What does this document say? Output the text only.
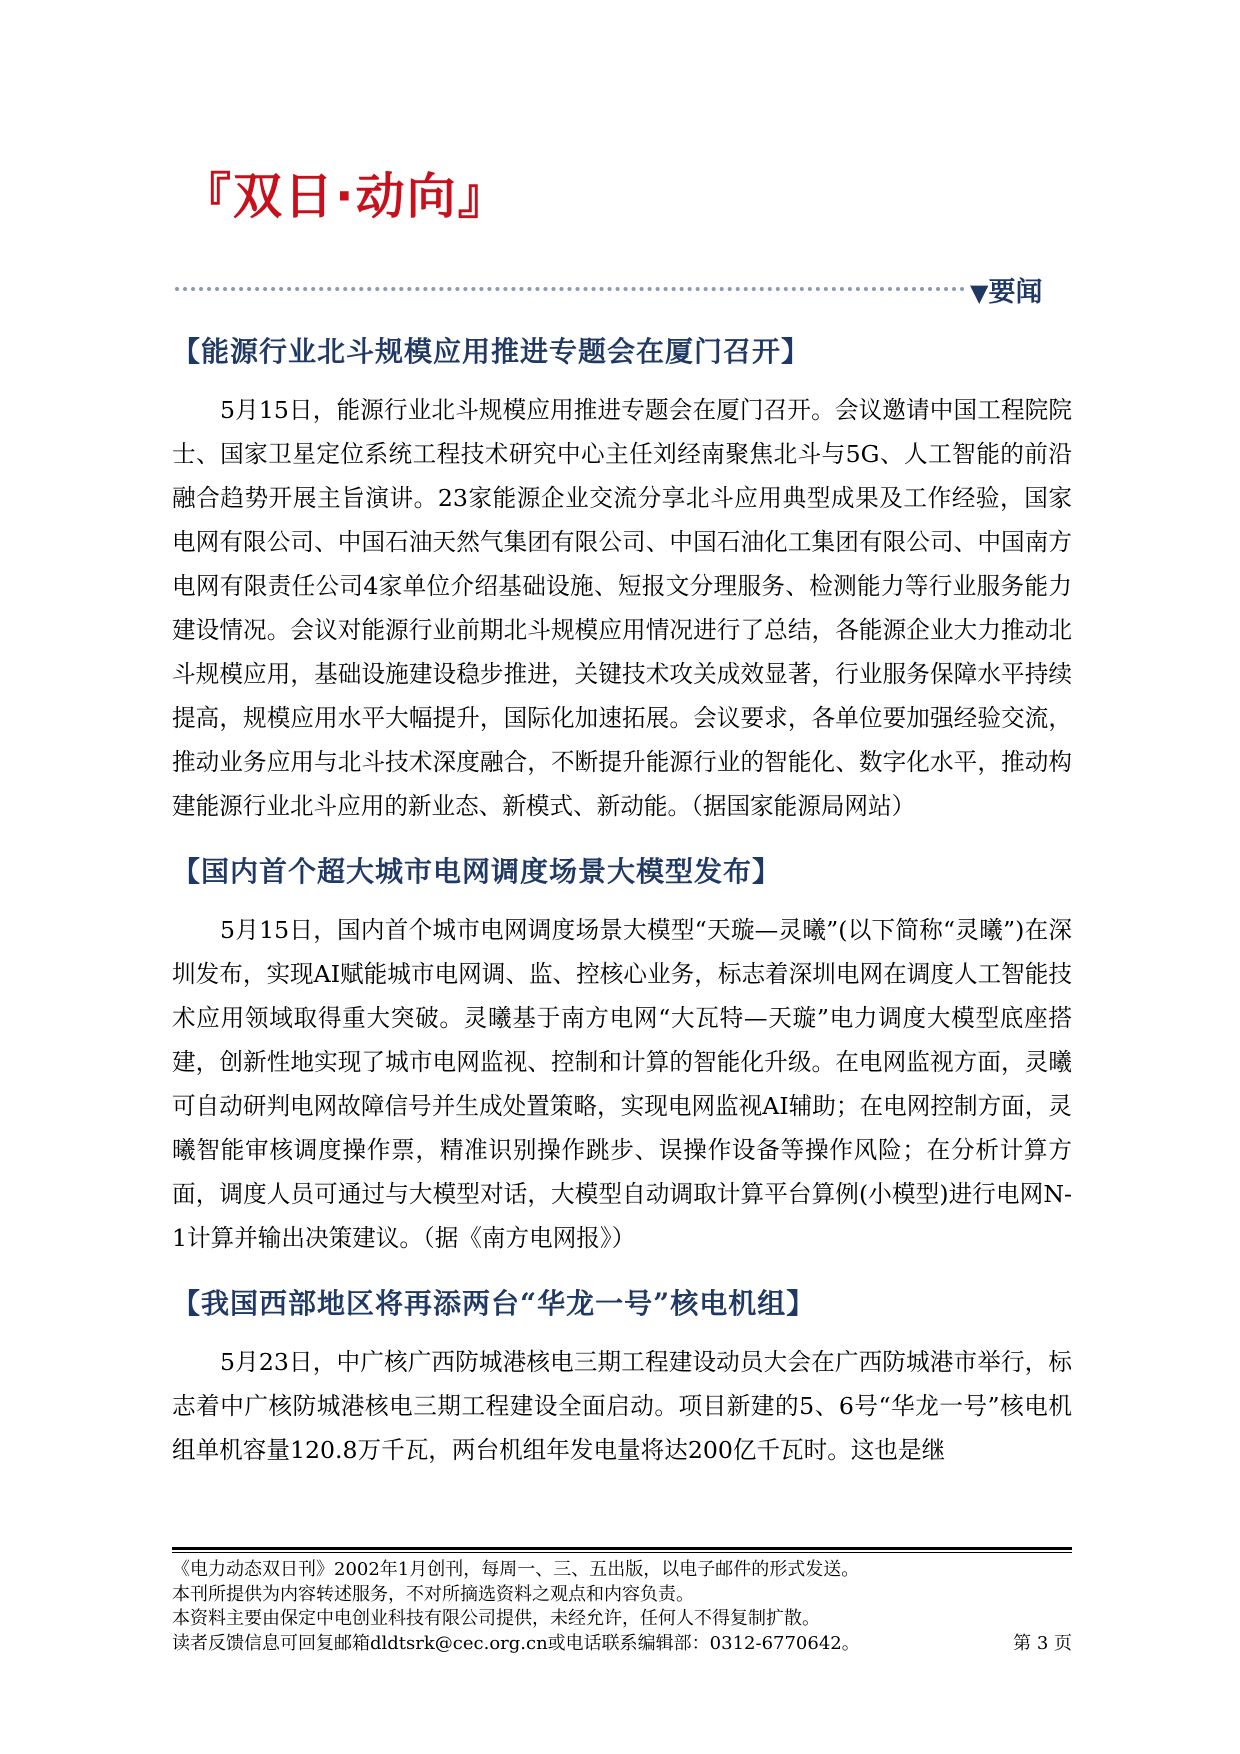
『双日·动向』
▼要闻
【能源行业北斗规模应用推进专题会在厦门召开】

5月15日，能源行业北斗规模应用推进专题会在厦门召开。会议邀请中国工程院院士、国家卫星定位系统工程技术研究中心主任刘经南聚焦北斗与5G、人工智能的前沿融合趋势开展主旨演讲。23家能源企业交流分享北斗应用典型成果及工作经验，国家电网有限公司、中国石油天然气集团有限公司、中国石油化工集团有限公司、中国南方电网有限责任公司4家单位介绍基础设施、短报文分理服务、检测能力等行业服务能力建设情况。会议对能源行业前期北斗规模应用情况进行了总结，各能源企业大力推动北斗规模应用，基础设施建设稳步推进，关键技术攻关成效显著，行业服务保障水平持续提高，规模应用水平大幅提升，国际化加速拓展。会议要求，各单位要加强经验交流，推动业务应用与北斗技术深度融合，不断提升能源行业的智能化、数字化水平，推动构建能源行业北斗应用的新业态、新模式、新动能。（据国家能源局网站）

【国内首个超大城市电网调度场景大模型发布】

5月15日，国内首个城市电网调度场景大模型“天璇—灵曦”(以下简称“灵曦”)在深圳发布，实现AI赋能城市电网调、监、控核心业务，标志着深圳电网在调度人工智能技术应用领域取得重大突破。灵曦基于南方电网“大瓦特—天璇”电力调度大模型底座搭建，创新性地实现了城市电网监视、控制和计算的智能化升级。在电网监视方面，灵曦可自动研判电网故障信号并生成处置策略，实现电网监视AI辅助；在电网控制方面，灵曦智能审核调度操作票，精准识别操作跳步、误操作设备等操作风险；在分析计算方面，调度人员可通过与大模型对话，大模型自动调取计算平台算例(小模型)进行电网N-1计算并输出决策建议。（据《南方电网报》）

【我国西部地区将再添两台“华龙一号”核电机组】

5月23日，中广核广西防城港核电三期工程建设动员大会在广西防城港市举行，标志着中广核防城港核电三期工程建设全面启动。项目新建的5、6号“华龙一号”核电机组单机容量120.8万千瓦，两台机组年发电量将达200亿千瓦时。这也是继

《电力动态双日刊》2002年1月创刊，每周一、三、五出版，以电子邮件的形式发送。
本刊所提供为内容转述服务，不对所摘选资料之观点和内容负责。
本资料主要由保定中电创业科技有限公司提供，未经允许，任何人不得复制扩散。
读者反馈信息可回复邮箱dldtsrk@cec.org.cn或电话联系编辑部：0312-6770642。	第 3 页
